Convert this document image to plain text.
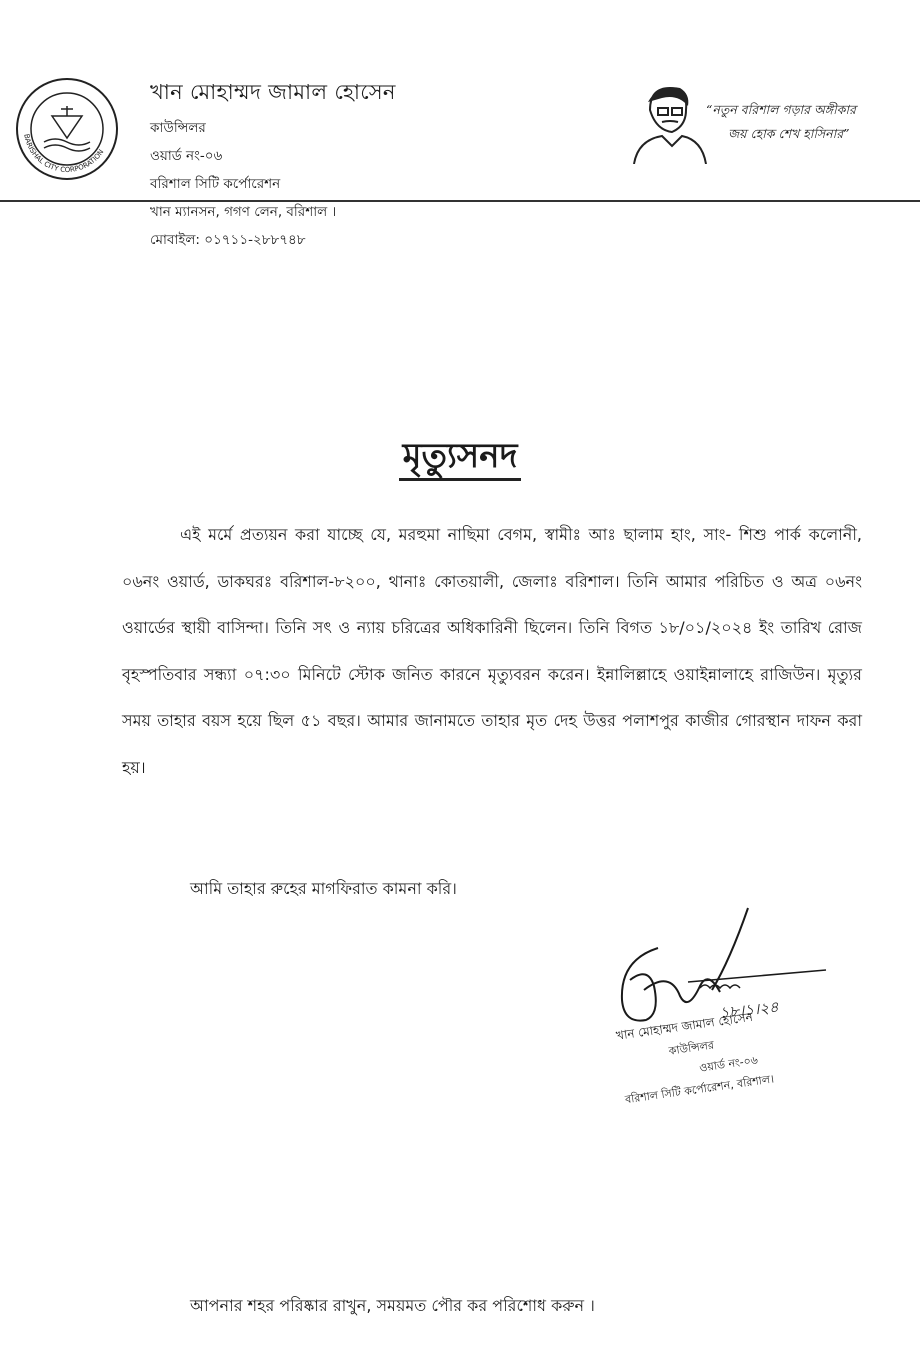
BARISHAL CITY CORPORATION
খান মোহাম্মদ জামাল হোসেন
কাউন্সিলর
ওয়ার্ড নং-০৬
বরিশাল সিটি কর্পোরেশন
খান ম্যানসন, গগণ লেন, বরিশাল ।
মোবাইল: ০১৭১১-২৮৮৭৪৮
“নতুন বরিশাল গড়ার অঙ্গীকার
জয় হোক শেখ হাসিনার”
মৃত্যুসনদ
এই মর্মে প্রত্যয়ন করা যাচ্ছে যে, মরহুমা নাছিমা বেগম, স্বামীঃ আঃ ছালাম হাং, সাং- শিশু পার্ক কলোনী, ০৬নং ওয়ার্ড, ডাকঘরঃ বরিশাল-৮২০০, থানাঃ কোতয়ালী, জেলাঃ বরিশাল। তিনি আমার পরিচিত ও অত্র ০৬নং ওয়ার্ডের স্থায়ী বাসিন্দা। তিনি সৎ ও ন্যায় চরিত্রের অধিকারিনী ছিলেন। তিনি বিগত ১৮/০১/২০২৪ ইং তারিখ রোজ বৃহস্পতিবার সন্ধ্যা ০৭:৩০ মিনিটে স্টোক জনিত কারনে মৃত্যুবরন করেন। ইন্নালিল্লাহে ওয়াইন্নালাহে রাজিউন। মৃত্যুর সময় তাহার বয়স হয়ে ছিল ৫১ বছর। আমার জানামতে তাহার মৃত দেহ উত্তর পলাশপুর কাজীর গোরস্থান দাফন করা হয়।
আমি তাহার রুহের মাগফিরাত কামনা করি।
১৮।১।২৪
খান মোহাম্মদ জামাল হোসেন
কাউন্সিলর
ওয়ার্ড নং-০৬
বরিশাল সিটি কর্পোরেশন, বরিশাল।
আপনার শহর পরিষ্কার রাখুন, সময়মত পৌর কর পরিশোধ করুন ।
